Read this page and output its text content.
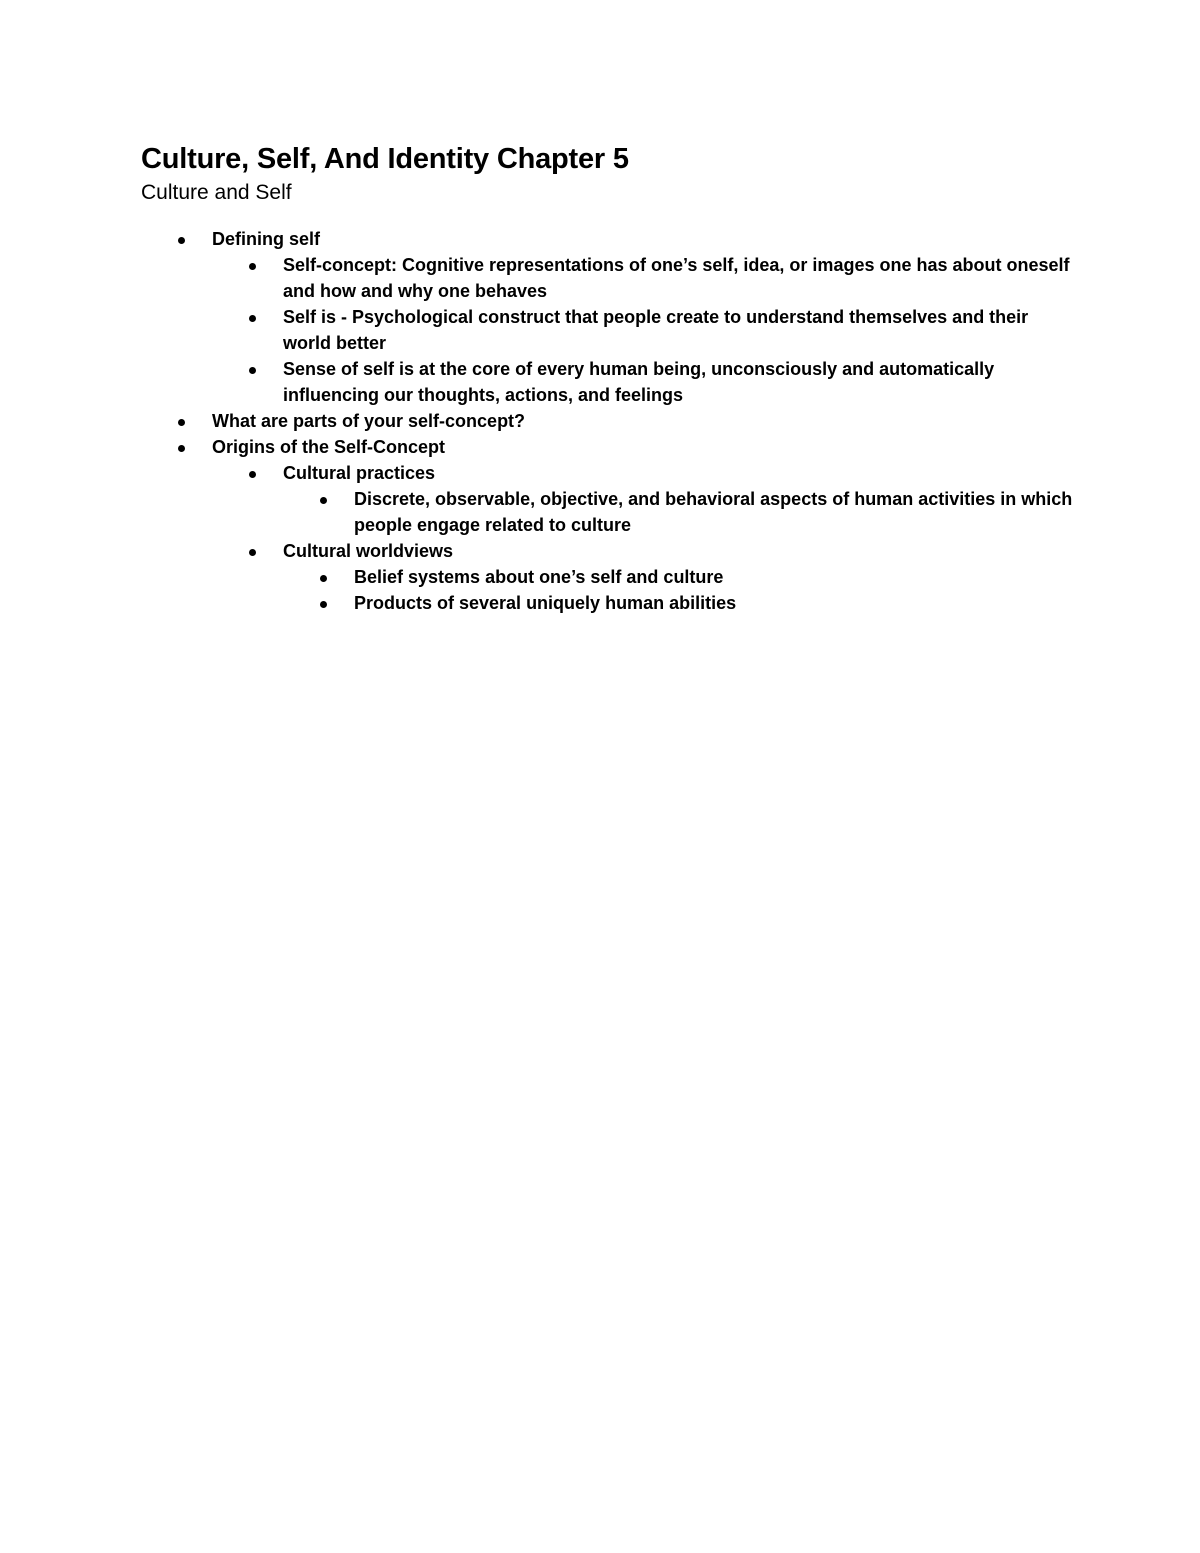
Culture, Self, And Identity Chapter 5
Culture and Self
Defining self
Self-concept: Cognitive representations of one’s self, idea, or images one has about oneself and how and why one behaves
Self is - Psychological construct that people create to understand themselves and their world better
Sense of self is at the core of every human being, unconsciously and automatically influencing our thoughts, actions, and feelings
What are parts of your self-concept?
Origins of the Self-Concept
Cultural practices
Discrete, observable, objective, and behavioral aspects of human activities in which people engage related to culture
Cultural worldviews
Belief systems about one’s self and culture
Products of several uniquely human abilities
